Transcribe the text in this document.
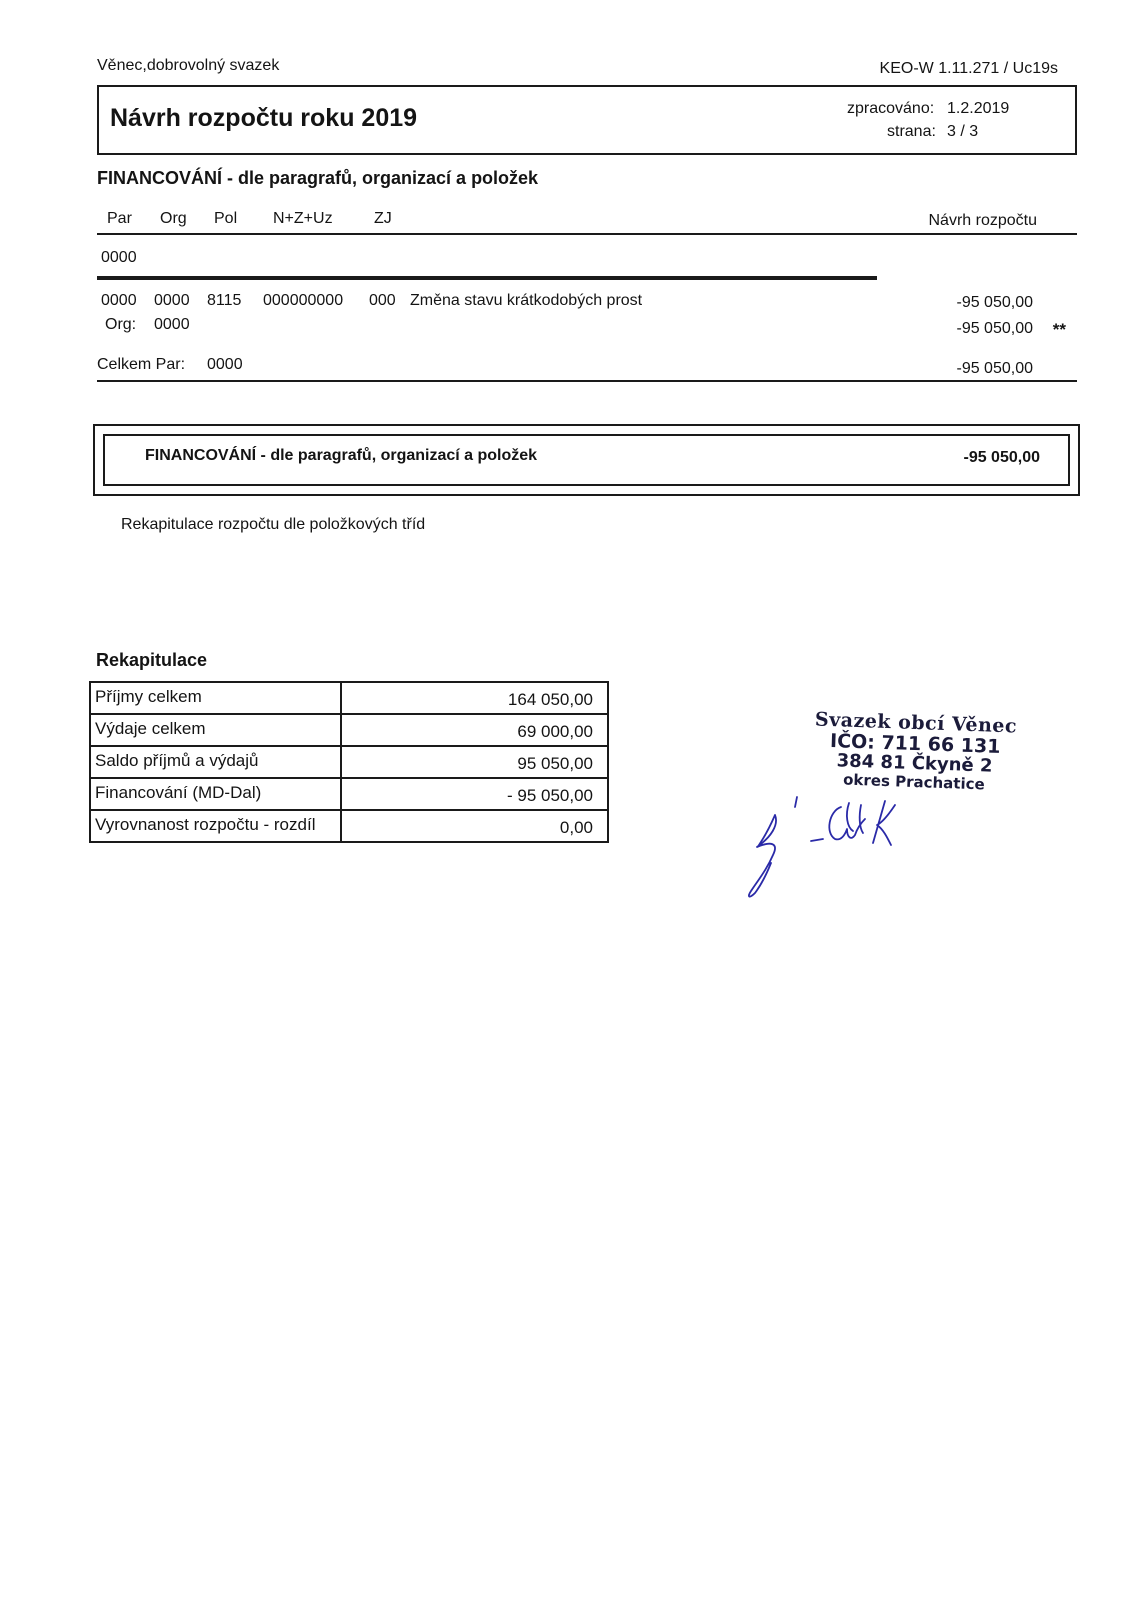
Věnec,dobrovolný svazek	KEO-W 1.11.271 / Uc19s
Návrh rozpočtu roku 2019	zpracováno: 1.2.2019
strana: 3 / 3
FINANCOVÁNÍ - dle paragrafů, organizací a položek
Par Org Pol N+Z+Uz	ZJ	Návrh rozpočtu
0000
0000 0000 8115 000000000 000 Změna stavu krátkodobých prost	-95 050,00
Org: 0000	-95 050,00 **
Celkem Par: 0000	-95 050,00
FINANCOVÁNÍ - dle paragrafů, organizací a položek	-95 050,00
Rekapitulace rozpočtu dle položkových tříd
Rekapitulace
Příjmy celkem	164 050,00
Výdaje celkem	69 000,00
Saldo příjmů a výdajů	95 050,00
Financování (MD-Dal)	- 95 050,00
Vyrovnanost rozpočtu - rozdíl	0,00
Svazek obcí Věnec
IČO: 711 66 131
384 81 Čkyně 2
okres Prachatice
